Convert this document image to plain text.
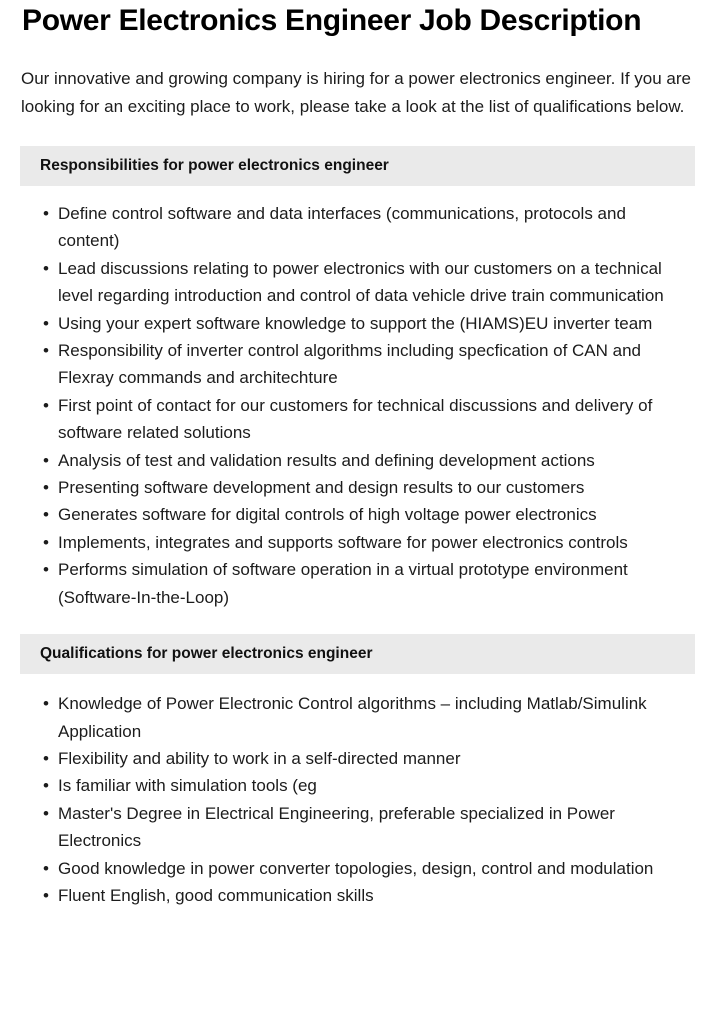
Power Electronics Engineer Job Description

Our innovative and growing company is hiring for a power electronics engineer. If you are looking for an exciting place to work, please take a look at the list of qualifications below.

Responsibilities for power electronics engineer
• Define control software and data interfaces (communications, protocols and content)
• Lead discussions relating to power electronics with our customers on a technical level regarding introduction and control of data vehicle drive train communication
• Using your expert software knowledge to support the (HIAMS)EU inverter team
• Responsibility of inverter control algorithms including specfication of CAN and Flexray commands and architechture
• First point of contact for our customers for technical discussions and delivery of software related solutions
• Analysis of test and validation results and defining development actions
• Presenting software development and design results to our customers
• Generates software for digital controls of high voltage power electronics
• Implements, integrates and supports software for power electronics controls
• Performs simulation of software operation in a virtual prototype environment (Software-In-the-Loop)
Qualifications for power electronics engineer
• Knowledge of Power Electronic Control algorithms – including Matlab/Simulink Application
• Flexibility and ability to work in a self-directed manner
• Is familiar with simulation tools (eg
• Master's Degree in Electrical Engineering, preferable specialized in Power Electronics
• Good knowledge in power converter topologies, design, control and modulation
• Fluent English, good communication skills
